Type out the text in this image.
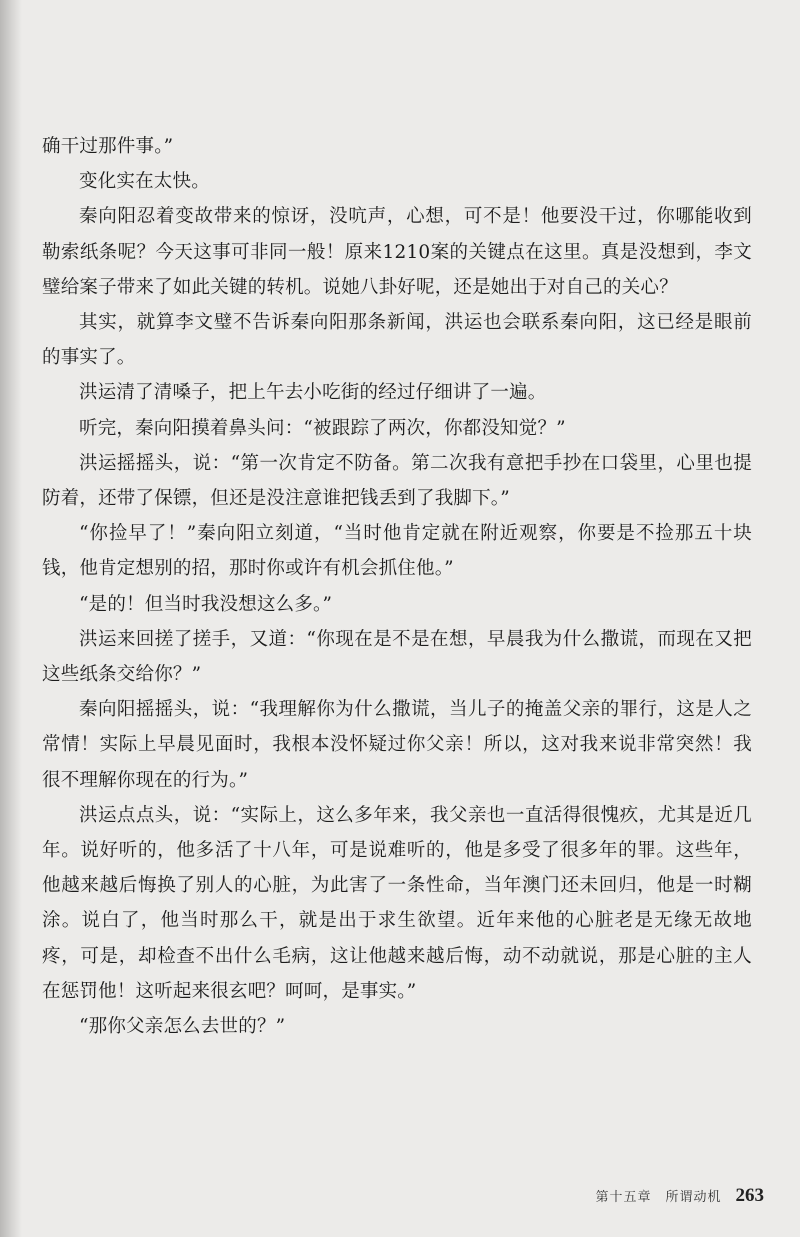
确干过那件事。”

变化实在太快。

秦向阳忍着变故带来的惊讶，没吭声，心想，可不是！他要没干过，你哪能收到勒索纸条呢？今天这事可非同一般！原来1210案的关键点在这里。真是没想到，李文璧给案子带来了如此关键的转机。说她八卦好呢，还是她出于对自己的关心？

其实，就算李文璧不告诉秦向阳那条新闻，洪运也会联系秦向阳，这已经是眼前的事实了。

洪运清了清嗓子，把上午去小吃街的经过仔细讲了一遍。

听完，秦向阳摸着鼻头问：“被跟踪了两次，你都没知觉？”

洪运摇摇头，说：“第一次肯定不防备。第二次我有意把手抄在口袋里，心里也提防着，还带了保镖，但还是没注意谁把钱丢到了我脚下。”

“你捡早了！”秦向阳立刻道，“当时他肯定就在附近观察，你要是不捡那五十块钱，他肯定想别的招，那时你或许有机会抓住他。”

“是的！但当时我没想这么多。”

洪运来回搓了搓手，又道：“你现在是不是在想，早晨我为什么撒谎，而现在又把这些纸条交给你？”

秦向阳摇摇头，说：“我理解你为什么撒谎，当儿子的掩盖父亲的罪行，这是人之常情！实际上早晨见面时，我根本没怀疑过你父亲！所以，这对我来说非常突然！我很不理解你现在的行为。”

洪运点点头，说：“实际上，这么多年来，我父亲也一直活得很愧疚，尤其是近几年。说好听的，他多活了十八年，可是说难听的，他是多受了很多年的罪。这些年，他越来越后悔换了别人的心脏，为此害了一条性命，当年澳门还未回归，他是一时糊涂。说白了，他当时那么干，就是出于求生欲望。近年来他的心脏老是无缘无故地疼，可是，却检查不出什么毛病，这让他越来越后悔，动不动就说，那是心脏的主人在惩罚他！这听起来很玄吧？呵呵，是事实。”

“那你父亲怎么去世的？”

第十五章　所谓动机 263
